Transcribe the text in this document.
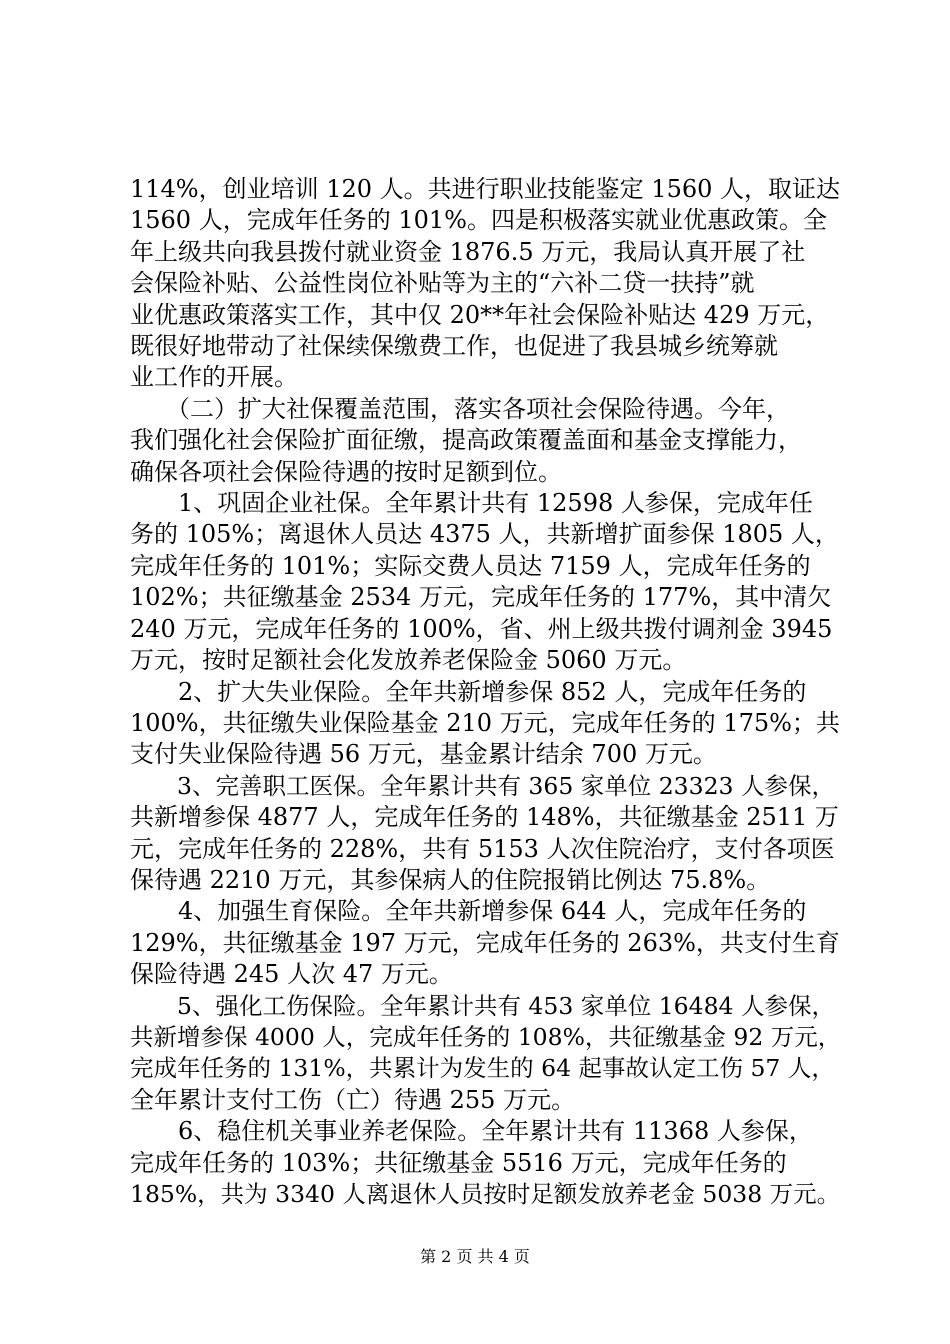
114%，创业培训 120 人。共进行职业技能鉴定 1560 人，取证达
1560 人，完成年任务的 101%。四是积极落实就业优惠政策。全
年上级共向我县拨付就业资金 1876.5 万元，我局认真开展了社
会保险补贴、公益性岗位补贴等为主的“六补二贷一扶持”就
业优惠政策落实工作，其中仅 20**年社会保险补贴达 429 万元，
既很好地带动了社保续保缴费工作，也促进了我县城乡统筹就
业工作的开展。
　　（二）扩大社保覆盖范围，落实各项社会保险待遇。今年，
我们强化社会保险扩面征缴，提高政策覆盖面和基金支撑能力，
确保各项社会保险待遇的按时足额到位。
　　1、巩固企业社保。全年累计共有 12598 人参保，完成年任
务的 105%；离退休人员达 4375 人，共新增扩面参保 1805 人，
完成年任务的 101%；实际交费人员达 7159 人，完成年任务的
102%；共征缴基金 2534 万元，完成年任务的 177%，其中清欠
240 万元，完成年任务的 100%，省、州上级共拨付调剂金 3945
万元，按时足额社会化发放养老保险金 5060 万元。
　　2、扩大失业保险。全年共新增参保 852 人，完成年任务的
100%，共征缴失业保险基金 210 万元，完成年任务的 175%；共
支付失业保险待遇 56 万元，基金累计结余 700 万元。
　　3、完善职工医保。全年累计共有 365 家单位 23323 人参保，
共新增参保 4877 人，完成年任务的 148%，共征缴基金 2511 万
元，完成年任务的 228%，共有 5153 人次住院治疗，支付各项医
保待遇 2210 万元，其参保病人的住院报销比例达 75.8%。
　　4、加强生育保险。全年共新增参保 644 人，完成年任务的
129%，共征缴基金 197 万元，完成年任务的 263%，共支付生育
保险待遇 245 人次 47 万元。
　　5、强化工伤保险。全年累计共有 453 家单位 16484 人参保，
共新增参保 4000 人，完成年任务的 108%，共征缴基金 92 万元，
完成年任务的 131%，共累计为发生的 64 起事故认定工伤 57 人，
全年累计支付工伤（亡）待遇 255 万元。
　　6、稳住机关事业养老保险。全年累计共有 11368 人参保，
完成年任务的 103%；共征缴基金 5516 万元，完成年任务的
185%，共为 3340 人离退休人员按时足额发放养老金 5038 万元。
第 2 页 共 4 页
